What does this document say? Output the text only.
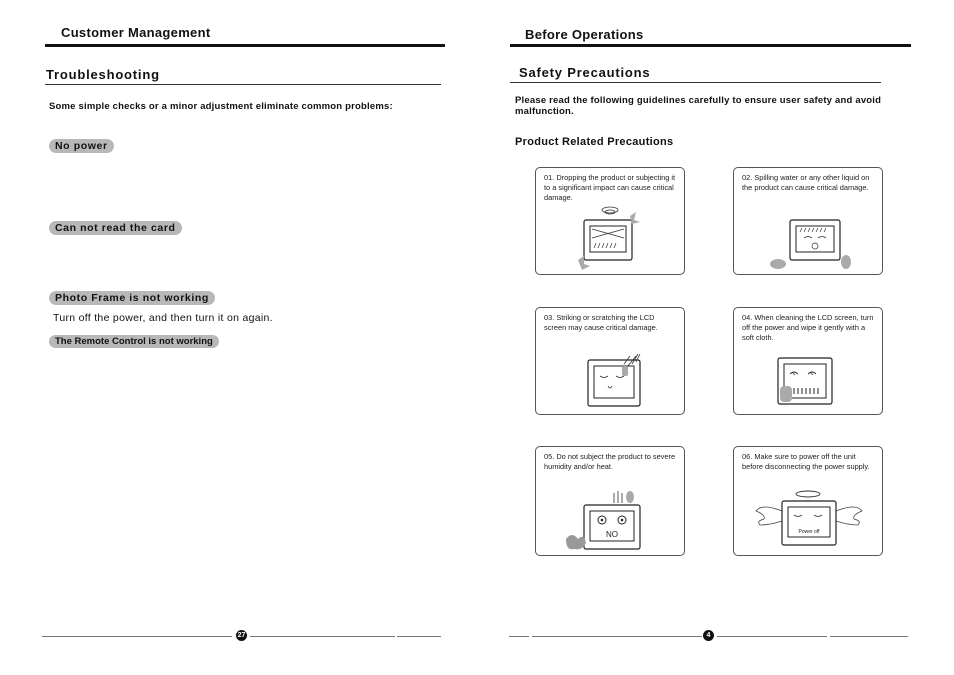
Customer Management
Troubleshooting
Some simple checks or a minor adjustment eliminate common problems:
No power
Can not read the card
Photo Frame is not working
Turn off the power, and then turn it on again.
The Remote Control is not working
27
Before Operations
Safety Precautions
Please read the following guidelines carefully to ensure user safety and avoid malfunction.
Product Related Precautions
01. Dropping the product or subjecting it to a significant impact can cause critical damage.
02. Spilling water or any other liquid on the product can cause critical damage.
03. Striking or scratching the LCD screen may cause critical damage.
04. When cleaning the LCD screen, turn off the power and wipe it gently with a soft cloth.
05. Do not subject the product to severe humidity and/or heat.
NO
06. Make sure to power off the unit before disconnecting the power supply.
Power off
4
